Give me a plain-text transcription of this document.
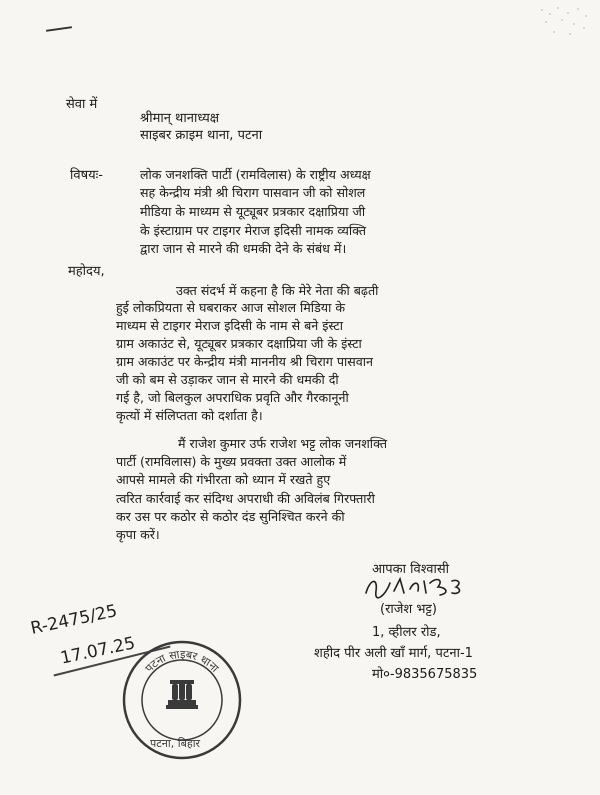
सेवा में
श्रीमान् थानाध्यक्ष
साइबर क्राइम थाना, पटना
विषयः-	लोक जनशक्ति पार्टी (रामविलास) के राष्ट्रीय अध्यक्ष
सह केन्द्रीय मंत्री श्री चिराग पासवान जी को सोशल
मीडिया के माध्यम से यूट्यूबर प्रत्रकार दक्षाप्रिया जी
के इंस्टाग्राम पर टाइगर मेराज इदिसी नामक व्यक्ति
द्वारा जान से मारने की धमकी देने के संबंध में।
महोदय,
उक्त संदर्भ में कहना है कि मेरे नेता की बढ़ती
हुई लोकप्रियता से घबराकर आज सोशल मिडिया के
माध्यम से टाइगर मेराज इदिसी के नाम से बने इंस्टा
ग्राम अकाउंट से, यूट्यूबर प्रत्रकार दक्षाप्रिया जी के इंस्टा
ग्राम अकाउंट पर केन्द्रीय मंत्री माननीय श्री चिराग पासवान
जी को बम से उड़ाकर जान से मारने की धमकी दी
गई है, जो बिलकुल अपराधिक प्रवृति और गैरकानूनी
कृत्यों में संलिप्तता को दर्शाता है।
मैं राजेश कुमार उर्फ राजेश भट्ट लोक जनशक्ति
पार्टी (रामविलास) के मुख्य प्रवक्ता उक्त आलोक में
आपसे मामले की गंभीरता को ध्यान में रखते हुए
त्वरित कार्रवाई कर संदिग्ध अपराधी की अविलंब गिरफ्तारी
कर उस पर कठोर से कठोर दंड सुनिश्चित करने की
कृपा करें।
आपका विश्वासी
(राजेश भट्ट)
1, व्हीलर रोड,
शहीद पीर अली खाँ मार्ग, पटना-1
मो०-9835675835
R-2475/25
17.07.25 पटना साइबर थाना
पटना, बिहार
